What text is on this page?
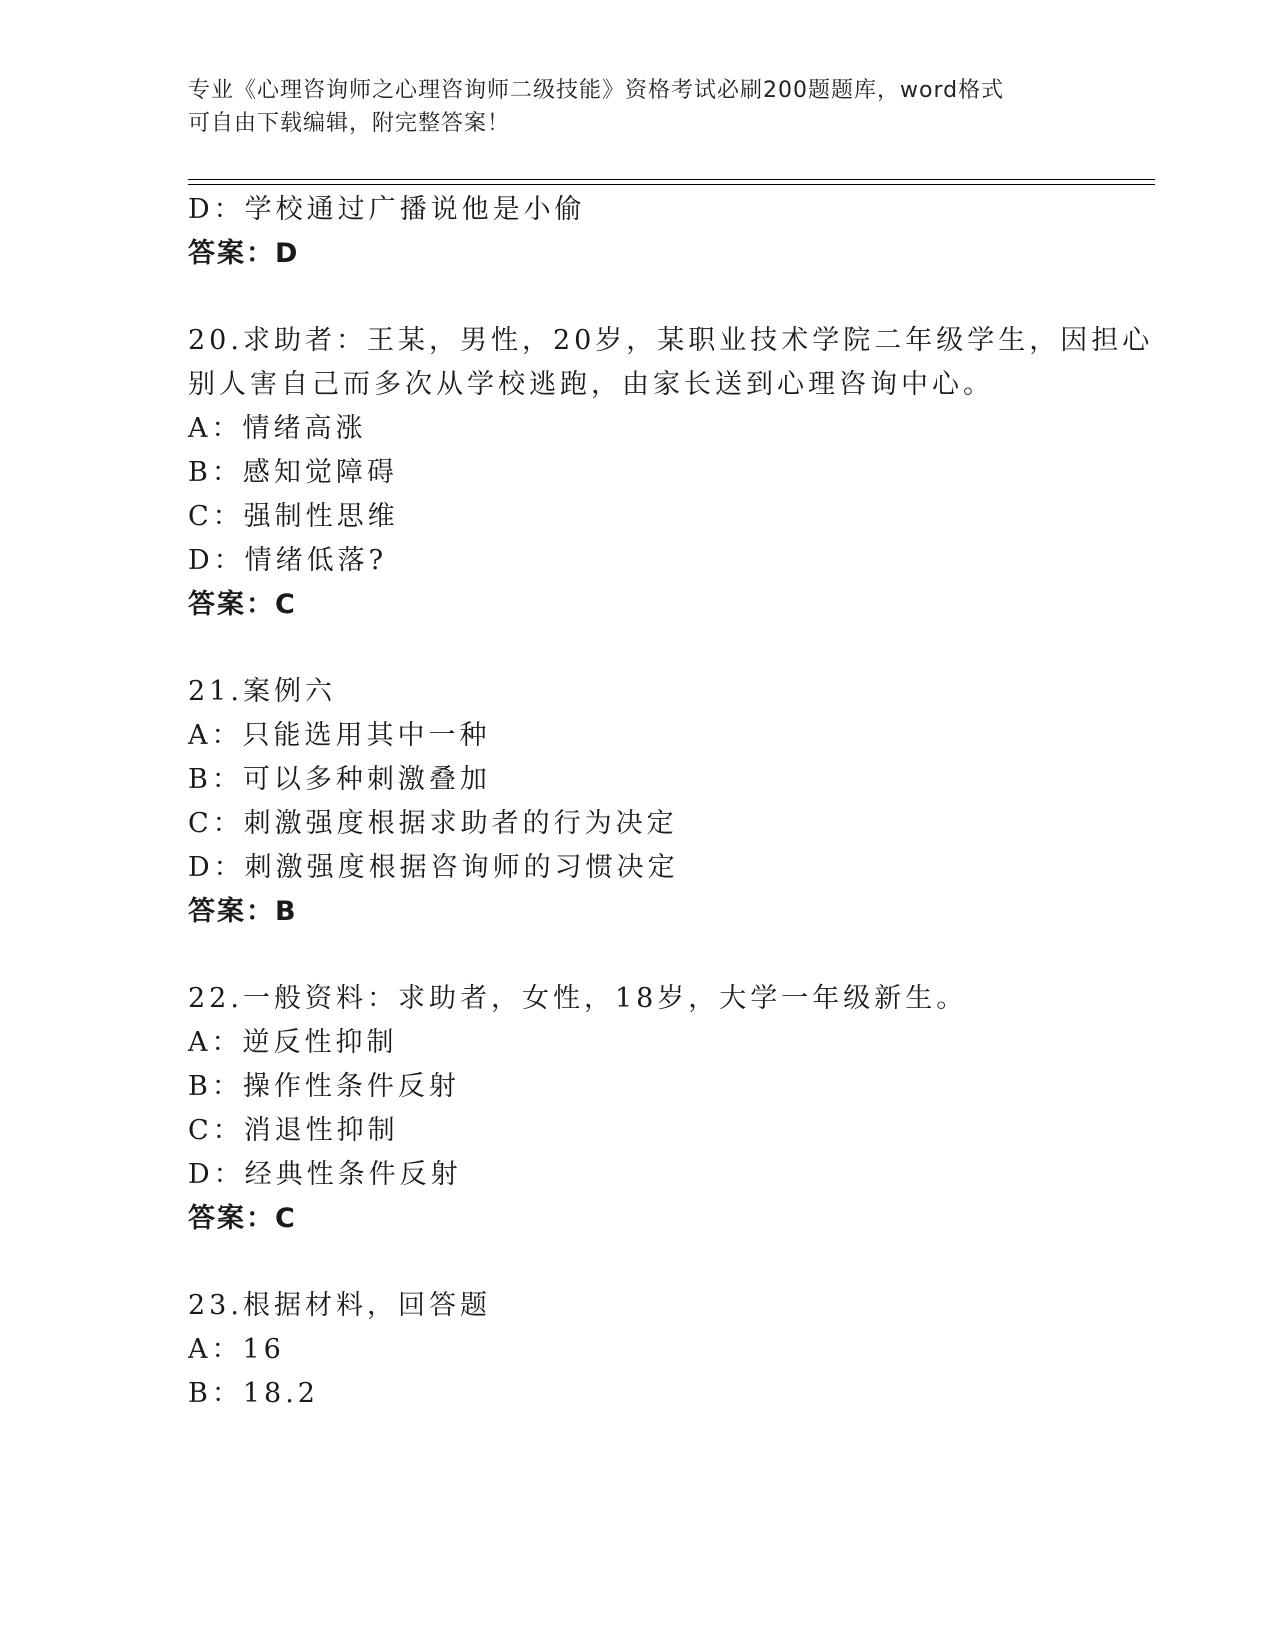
专业《心理咨询师之心理咨询师二级技能》资格考试必刷200题题库，word格式
可自由下载编辑，附完整答案！
D：学校通过广播说他是小偷
答案：D
20.求助者：王某，男性，20岁，某职业技术学院二年级学生，因担心
别人害自己而多次从学校逃跑，由家长送到心理咨询中心。
A：情绪高涨
B：感知觉障碍
C：强制性思维
D：情绪低落?
答案：C
21.案例六
A：只能选用其中一种
B：可以多种刺激叠加
C：刺激强度根据求助者的行为决定
D：刺激强度根据咨询师的习惯决定
答案：B
22.一般资料：求助者，女性，18岁，大学一年级新生。
A：逆反性抑制
B：操作性条件反射
C：消退性抑制
D：经典性条件反射
答案：C
23.根据材料，回答题
A：16
B：18.2
